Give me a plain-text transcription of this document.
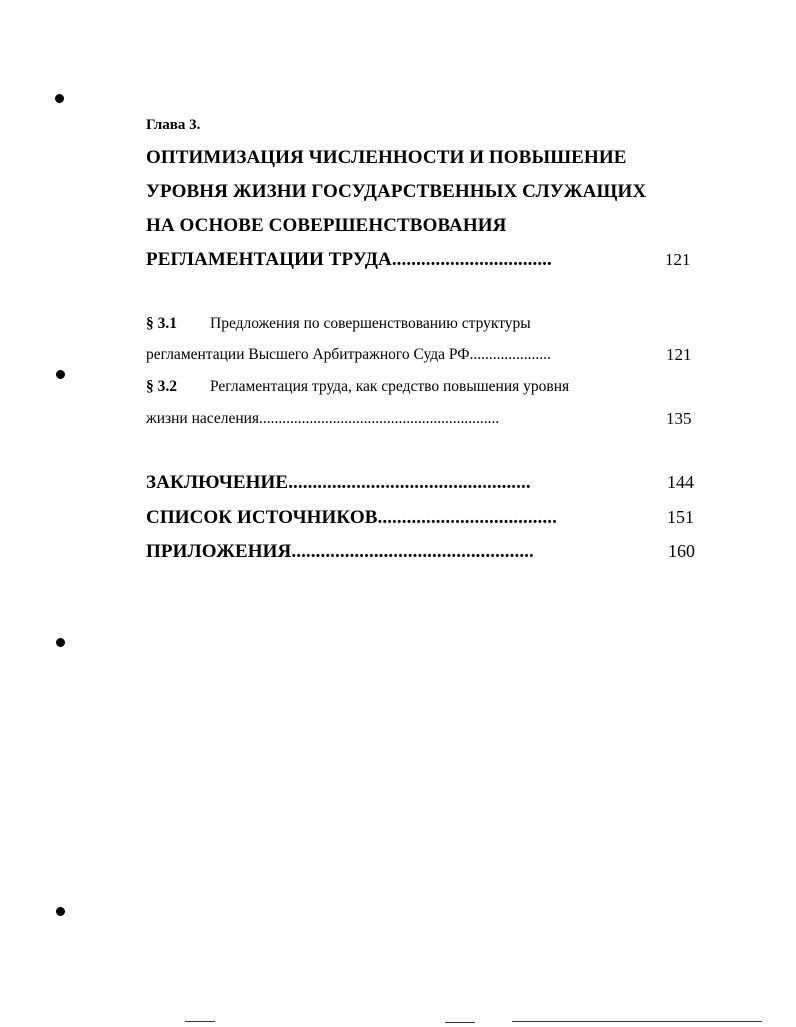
Глава 3.
ОПТИМИЗАЦИЯ ЧИСЛЕННОСТИ И ПОВЫШЕНИЕ
УРОВНЯ ЖИЗНИ ГОСУДАРСТВЕННЫХ СЛУЖАЩИХ
НА ОСНОВЕ СОВЕРШЕНСТВОВАНИЯ
РЕГЛАМЕНТАЦИИ ТРУДА.................................	121
§ 3.1 Предложения по совершенствованию структуры
регламентации Высшего Арбитражного Суда РФ.....................	121
§ 3.2 Регламентация труда, как средство повышения уровня
жизни населения..............................................................	135
ЗАКЛЮЧЕНИЕ..................................................	144
СПИСОК ИСТОЧНИКОВ.....................................	151
ПРИЛОЖЕНИЯ..................................................	160
